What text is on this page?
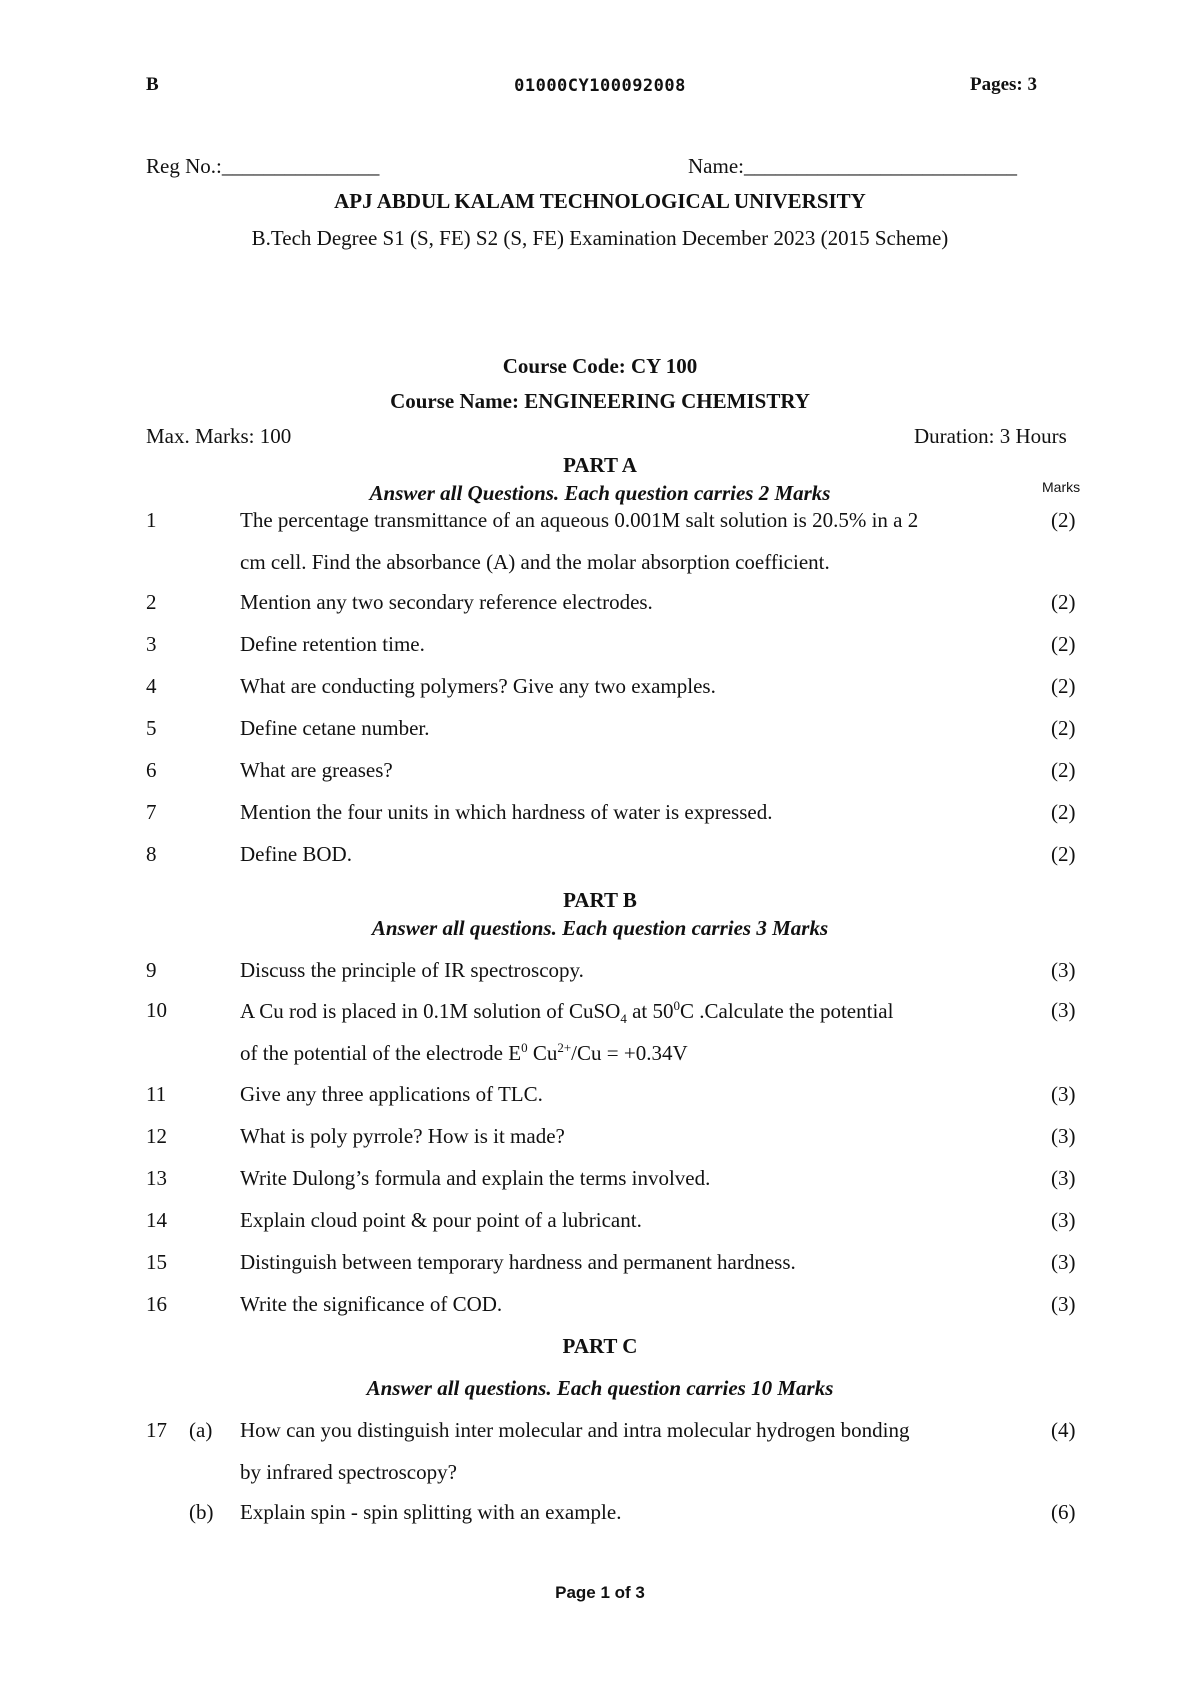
B	01000CY100092008	Pages: 3
Reg No.:_______________	Name:__________________________
APJ ABDUL KALAM TECHNOLOGICAL UNIVERSITY
B.Tech Degree S1 (S, FE) S2 (S, FE) Examination December 2023 (2015 Scheme)
Course Code: CY 100
Course Name: ENGINEERING CHEMISTRY
Max. Marks: 100	Duration: 3 Hours
PART A
Answer all Questions. Each question carries 2 Marks	Marks
1	The percentage transmittance of an aqueous 0.001M salt solution is 20.5% in a 2	(2)
cm cell. Find the absorbance (A) and the molar absorption coefficient.
2	Mention any two secondary reference electrodes.	(2)
3	Define retention time.	(2)
4	What are conducting polymers? Give any two examples.	(2)
5	Define cetane number.	(2)
6	What are greases?	(2)
7	Mention the four units in which hardness of water is expressed.	(2)
8	Define BOD.	(2)
PART B
Answer all questions. Each question carries 3 Marks
9	Discuss the principle of IR spectroscopy.	(3)
10	A Cu rod is placed in 0.1M solution of CuSO$_4$ at $50^0C$ .Calculate the potential	(3)
of the potential of the electrode $E^0$ $Cu^{2+}/Cu = +0.34V$
11	Give any three applications of TLC.	(3)
12	What is poly pyrrole? How is it made?	(3)
13	Write Dulong’s formula and explain the terms involved.	(3)
14	Explain cloud point & pour point of a lubricant.	(3)
15	Distinguish between temporary hardness and permanent hardness.	(3)
16	Write the significance of COD.	(3)
PART C
Answer all questions. Each question carries 10 Marks
17 (a) How can you distinguish inter molecular and intra molecular hydrogen bonding	(4)
by infrared spectroscopy?
(b) Explain spin - spin splitting with an example.	(6)
Page 1 of 3
